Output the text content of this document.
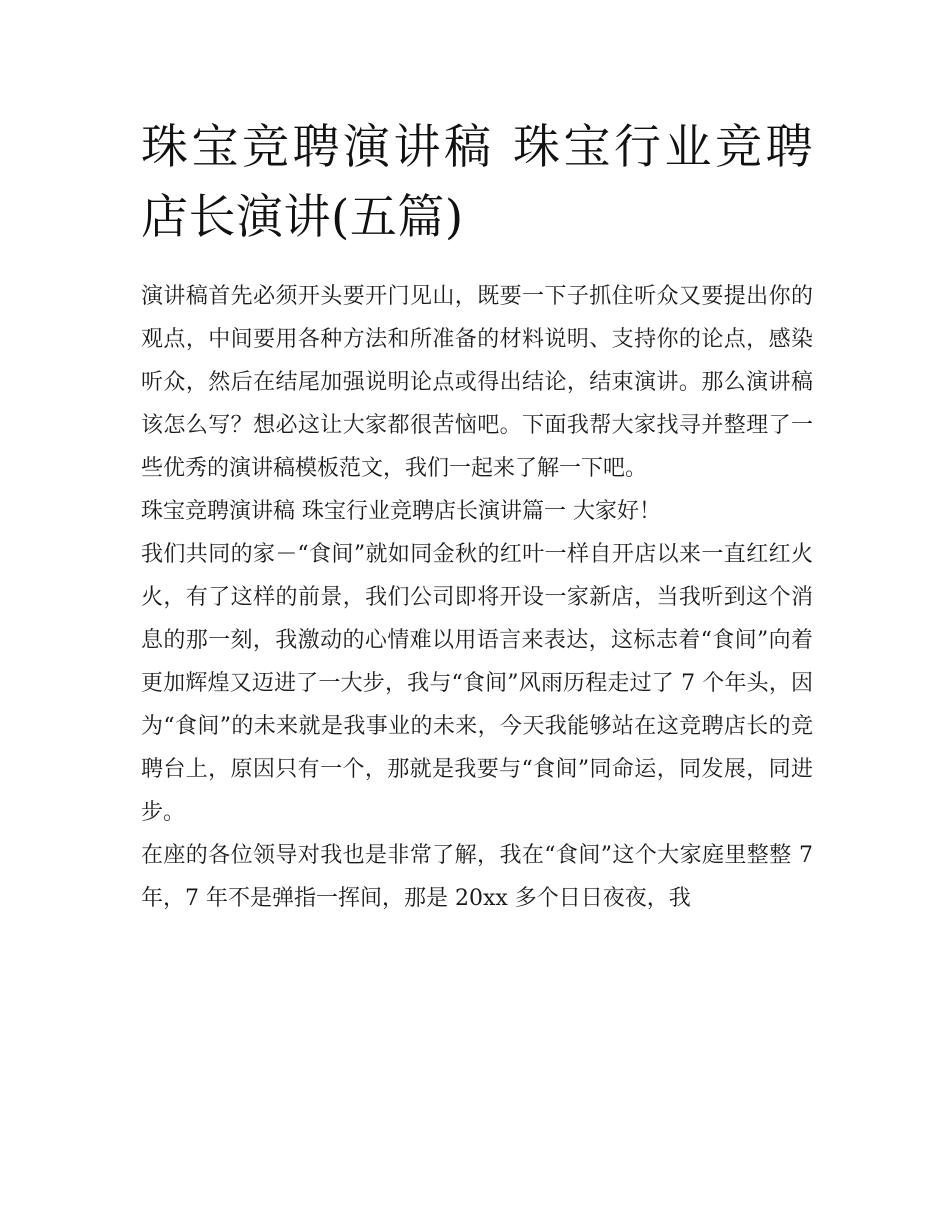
珠宝竞聘演讲稿 珠宝行业竞聘店长演讲(五篇)

演讲稿首先必须开头要开门见山，既要一下子抓住听众又要提出你的观点，中间要用各种方法和所准备的材料说明、支持你的论点，感染听众，然后在结尾加强说明论点或得出结论，结束演讲。那么演讲稿该怎么写？想必这让大家都很苦恼吧。下面我帮大家找寻并整理了一些优秀的演讲稿模板范文，我们一起来了解一下吧。

珠宝竞聘演讲稿 珠宝行业竞聘店长演讲篇一 大家好！

我们共同的家－“食间”就如同金秋的红叶一样自开店以来一直红红火火，有了这样的前景，我们公司即将开设一家新店，当我听到这个消息的那一刻，我激动的心情难以用语言来表达，这标志着“食间”向着更加辉煌又迈进了一大步，我与“食间”风雨历程走过了 7 个年头，因为“食间”的未来就是我事业的未来，今天我能够站在这竞聘店长的竞聘台上，原因只有一个，那就是我要与“食间”同命运，同发展，同进步。

在座的各位领导对我也是非常了解，我在“食间”这个大家庭里整整 7 年，7 年不是弹指一挥间，那是 20xx 多个日日夜夜，我
